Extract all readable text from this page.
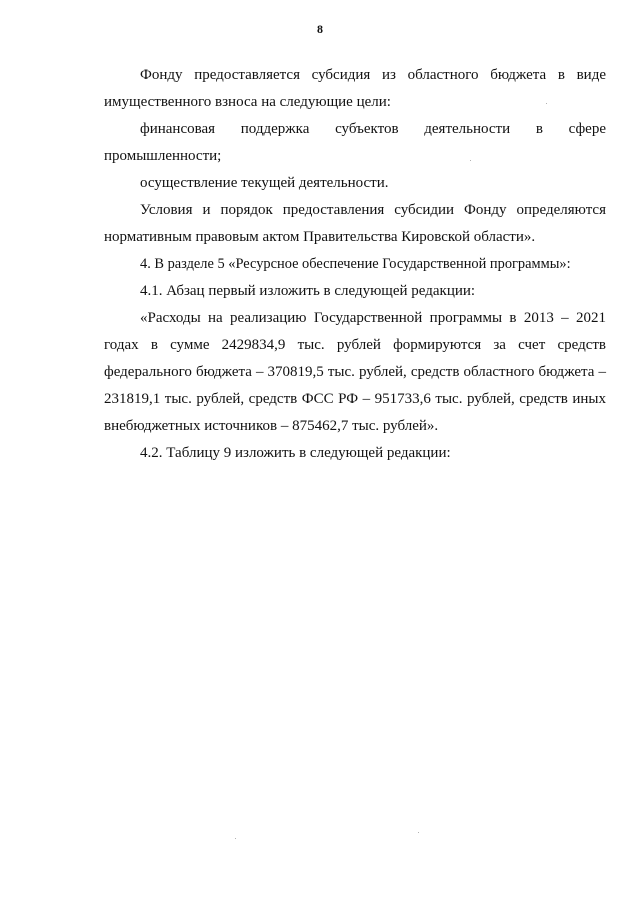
8

Фонду предоставляется субсидия из областного бюджета в виде имущественного взноса на следующие цели:

финансовая поддержка субъектов деятельности в сфере промышленности;

осуществление текущей деятельности.

Условия и порядок предоставления субсидии Фонду определяются нормативным правовым актом Правительства Кировской области».

4. В разделе 5 «Ресурсное обеспечение Государственной программы»:

4.1. Абзац первый изложить в следующей редакции:

«Расходы на реализацию Государственной программы в 2013 – 2021 годах в сумме 2429834,9 тыс. рублей формируются за счет средств федерального бюджета – 370819,5 тыс. рублей, средств областного бюджета – 231819,1 тыс. рублей, средств ФСС РФ – 951733,6 тыс. рублей, средств иных внебюджетных источников – 875462,7 тыс. рублей».

4.2. Таблицу 9 изложить в следующей редакции:
